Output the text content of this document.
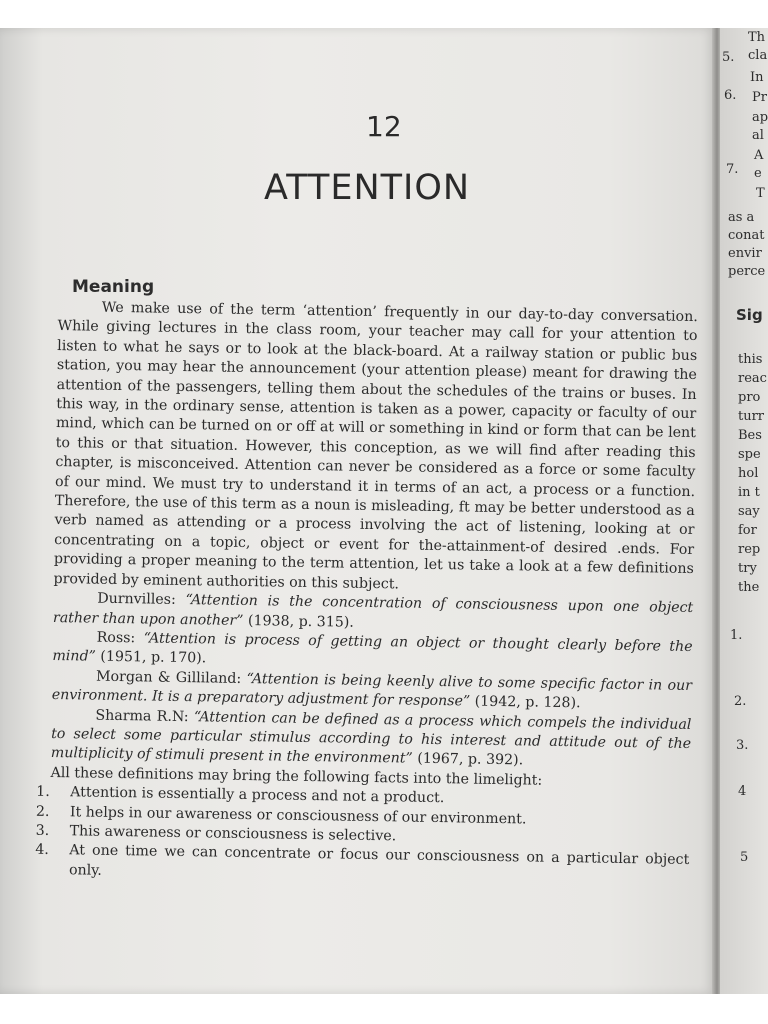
12
ATTENTION
Meaning

We make use of the term ‘attention’ frequently in our day-to-day conversation. While giving lectures in the class room, your teacher may call for your attention to listen to what he says or to look at the black-board. At a railway station or public bus station, you may hear the announcement (your attention please) meant for drawing the attention of the passengers, telling them about the schedules of the trains or buses. In this way, in the ordinary sense, attention is taken as a power, capacity or faculty of our mind, which can be turned on or off at will or something in kind or form that can be lent to this or that situation. However, this conception, as we will find after reading this chapter, is misconceived. Attention can never be considered as a force or some faculty of our mind. We must try to understand it in terms of an act, a process or a function. Therefore, the use of this term as a noun is misleading, ft may be better understood as a verb named as attending or a process involving the act of listening, looking at or concentrating on a topic, object or event for the-attainment-of desired .ends. For providing a proper meaning to the term attention, let us take a look at a few definitions provided by eminent authorities on this subject.

Durnvilles: “Attention is the concentration of consciousness upon one object rather than upon another” (1938, p. 315).

Ross: “Attention is process of getting an object or thought clearly before the mind” (1951, p. 170).

Morgan & Gilliland: “Attention is being keenly alive to some specific factor in our environment. It is a preparatory adjustment for response” (1942, p. 128).

Sharma R.N: “Attention can be defined as a process which compels the individual to select some particular stimulus according to his interest and attitude out of the multiplicity of stimuli present in the environment” (1967, p. 392).

All these definitions may bring the following facts into the limelight:

1. Attention is essentially a process and not a product.
2. It helps in our awareness or consciousness of our environment.
3. This awareness or consciousness is selective.
4. At one time we can concentrate or focus our consciousness on a particular object only.
Th
5. cla
In
6. Pr
ap
al
A
7. e
T
as a
conat
envir
perce
Sig
this
reac
pro
turr
Bes
spe
hol
in t
say
for
rep
try
the
1.
2.
3.
4
5
